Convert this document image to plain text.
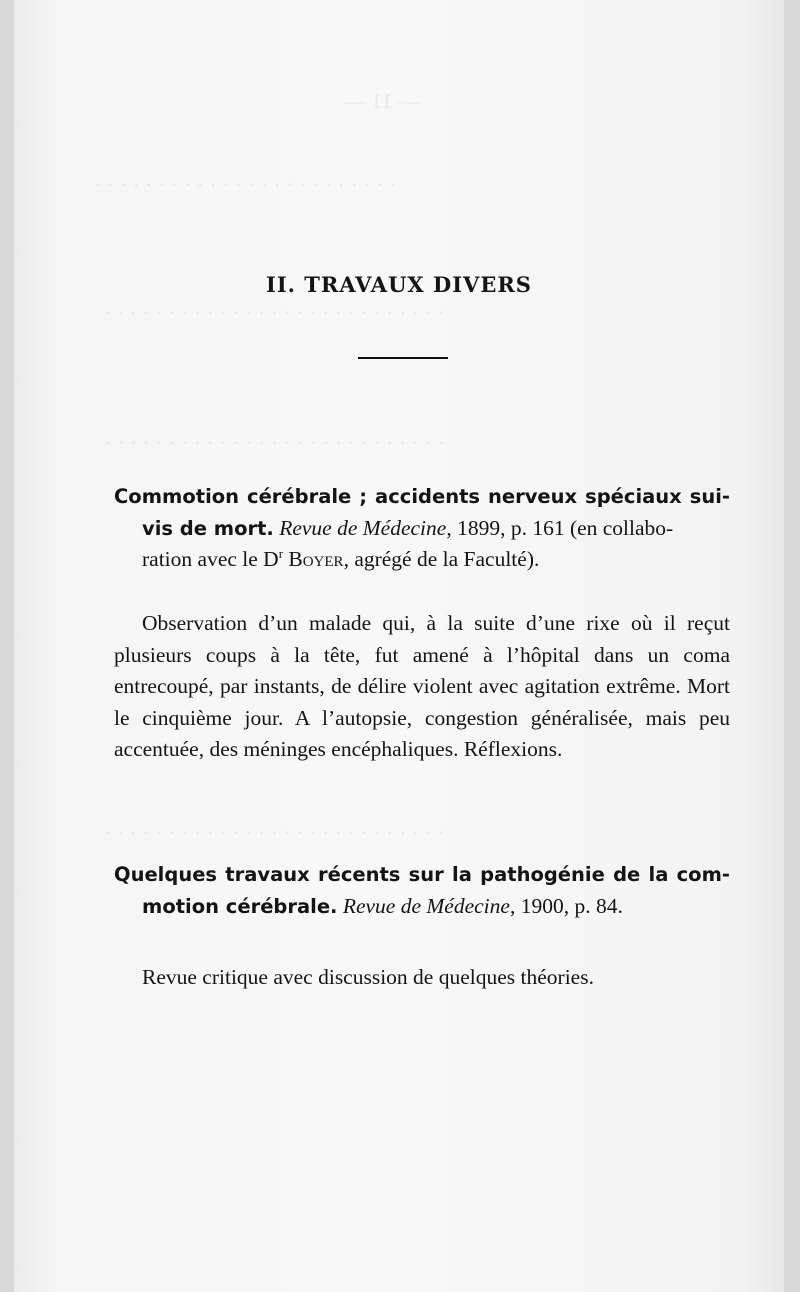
— 11 —
· · · · · · · · · · · · · · · · · · · · · · · ·
· · · · · · · · · · · · · · · · · · · · · · · · · · ·
· · · · · · · · · · · · · · · · · · · · · · · · · · ·
· · · · · · · · · · · · · · · · · · · · · · · · · · ·
II. TRAVAUX DIVERS

Commotion cérébrale ; accidents nerveux spéciaux sui-
vis de mort. Revue de Médecine, 1899, p. 161 (en collabo-
ration avec le $D^r$ Boyer, agrégé de la Faculté).

Observation d’un malade qui, à la suite d’une rixe où il reçut plusieurs coups à la tête, fut amené à l’hôpital dans un coma entrecoupé, par instants, de délire violent avec agitation extrême. Mort le cinquième jour. A l’autopsie, congestion généralisée, mais peu accentuée, des méninges encéphaliques. Réflexions.

Quelques travaux récents sur la pathogénie de la com-
motion cérébrale. Revue de Médecine, 1900, p. 84.

Revue critique avec discussion de quelques théories.
